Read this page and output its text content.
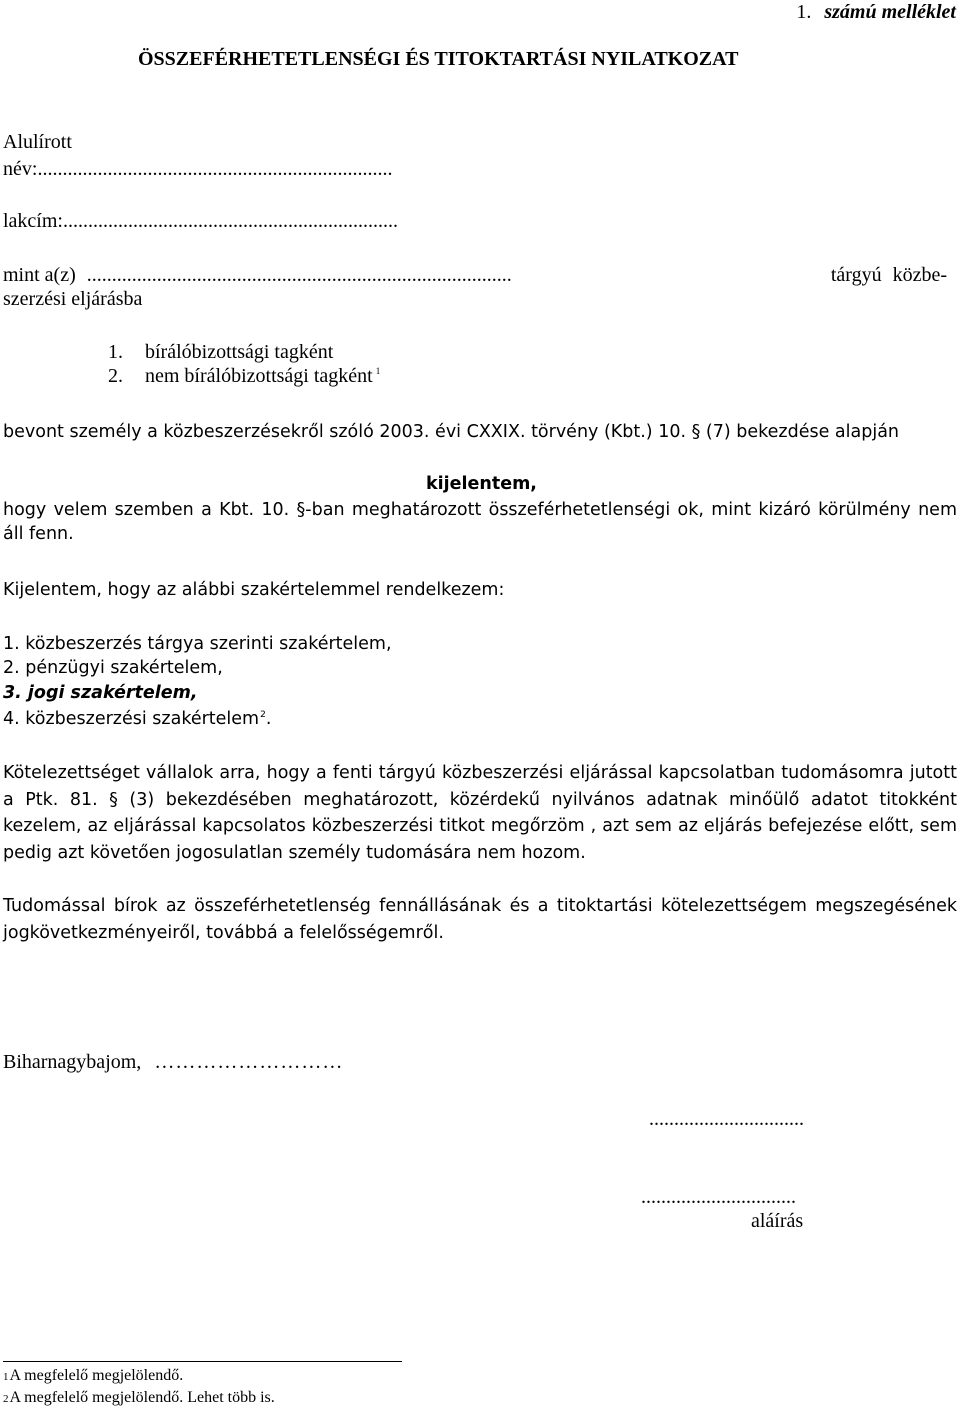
1. számú melléklet
ÖSSZEFÉRHETETLENSÉGI ÉS TITOKTARTÁSI NYILATKOZAT
Alulírott
név:.......................................................................
lakcím:...................................................................
mint a(z) .....................................................................................	tárgyú közbe-
szerzési eljárásba
1. bírálóbizottsági tagként
2. nem bírálóbizottsági tagként $^1$
bevont személy a közbeszerzésekről szóló 2003. évi CXXIX. törvény (Kbt.) 10. § (7) bekezdése alapján
kijelentem,
hogy velem szemben a Kbt. 10. §-ban meghatározott összeférhetetlenségi ok, mint kizáró körülmény nem áll fenn.
Kijelentem, hogy az alábbi szakértelemmel rendelkezem:
1. közbeszerzés tárgya szerinti szakértelem,
2. pénzügyi szakértelem,
3. jogi szakértelem,
4. közbeszerzési szakértelem$^2$.
Kötelezettséget vállalok arra, hogy a fenti tárgyú közbeszerzési eljárással kapcsolatban tudomásomra jutott a Ptk. 81. § (3) bekezdésében meghatározott, közérdekű nyilvános adatnak minőülő adatot titokként kezelem, az eljárással kapcsolatos közbeszerzési titkot megőrzöm , azt sem az eljárás befejezése előtt, sem pedig azt követően jogosulatlan személy tudomására nem hozom.
Tudomással bírok az összeférhetetlenség fennállásának és a titoktartási kötelezettségem megszegésének jogkövetkezményeiről, továbbá a felelősségemről.
Biharnagybajom, ………………………
...............................
...............................
aláírás
1A megfelelő megjelölendő.
2A megfelelő megjelölendő. Lehet több is.
